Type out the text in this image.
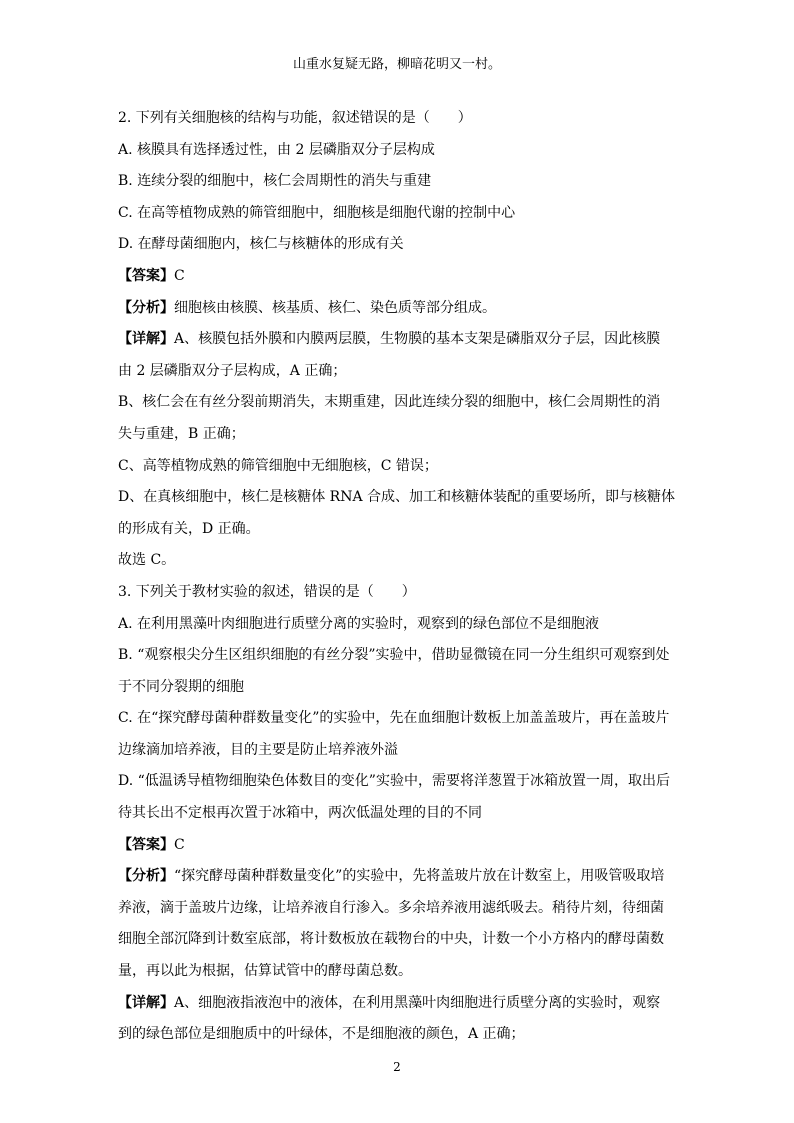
山重水复疑无路，柳暗花明又一村。
2. 下列有关细胞核的结构与功能，叙述错误的是（　　）
A. 核膜具有选择透过性，由 2 层磷脂双分子层构成
B. 连续分裂的细胞中，核仁会周期性的消失与重建
C. 在高等植物成熟的筛管细胞中，细胞核是细胞代谢的控制中心
D. 在酵母菌细胞内，核仁与核糖体的形成有关
【答案】C
【分析】细胞核由核膜、核基质、核仁、染色质等部分组成。
【详解】A、核膜包括外膜和内膜两层膜，生物膜的基本支架是磷脂双分子层，因此核膜
由 2 层磷脂双分子层构成，A 正确；
B、核仁会在有丝分裂前期消失，末期重建，因此连续分裂的细胞中，核仁会周期性的消
失与重建，B 正确；
C、高等植物成熟的筛管细胞中无细胞核，C 错误；
D、在真核细胞中，核仁是核糖体 RNA 合成、加工和核糖体装配的重要场所，即与核糖体
的形成有关，D 正确。
故选 C。
3. 下列关于教材实验的叙述，错误的是（　　）
A. 在利用黑藻叶肉细胞进行质壁分离的实验时，观察到的绿色部位不是细胞液
B. “观察根尖分生区组织细胞的有丝分裂”实验中，借助显微镜在同一分生组织可观察到处
于不同分裂期的细胞
C. 在“探究酵母菌种群数量变化”的实验中，先在血细胞计数板上加盖盖玻片，再在盖玻片
边缘滴加培养液，目的主要是防止培养液外溢
D. “低温诱导植物细胞染色体数目的变化”实验中，需要将洋葱置于冰箱放置一周，取出后
待其长出不定根再次置于冰箱中，两次低温处理的目的不同
【答案】C
【分析】“探究酵母菌种群数量变化”的实验中，先将盖玻片放在计数室上，用吸管吸取培
养液，滴于盖玻片边缘，让培养液自行渗入。多余培养液用滤纸吸去。稍待片刻，待细菌
细胞全部沉降到计数室底部，将计数板放在载物台的中央，计数一个小方格内的酵母菌数
量，再以此为根据，估算试管中的酵母菌总数。
【详解】A、细胞液指液泡中的液体，在利用黑藻叶肉细胞进行质壁分离的实验时，观察
到的绿色部位是细胞质中的叶绿体，不是细胞液的颜色，A 正确；
2
